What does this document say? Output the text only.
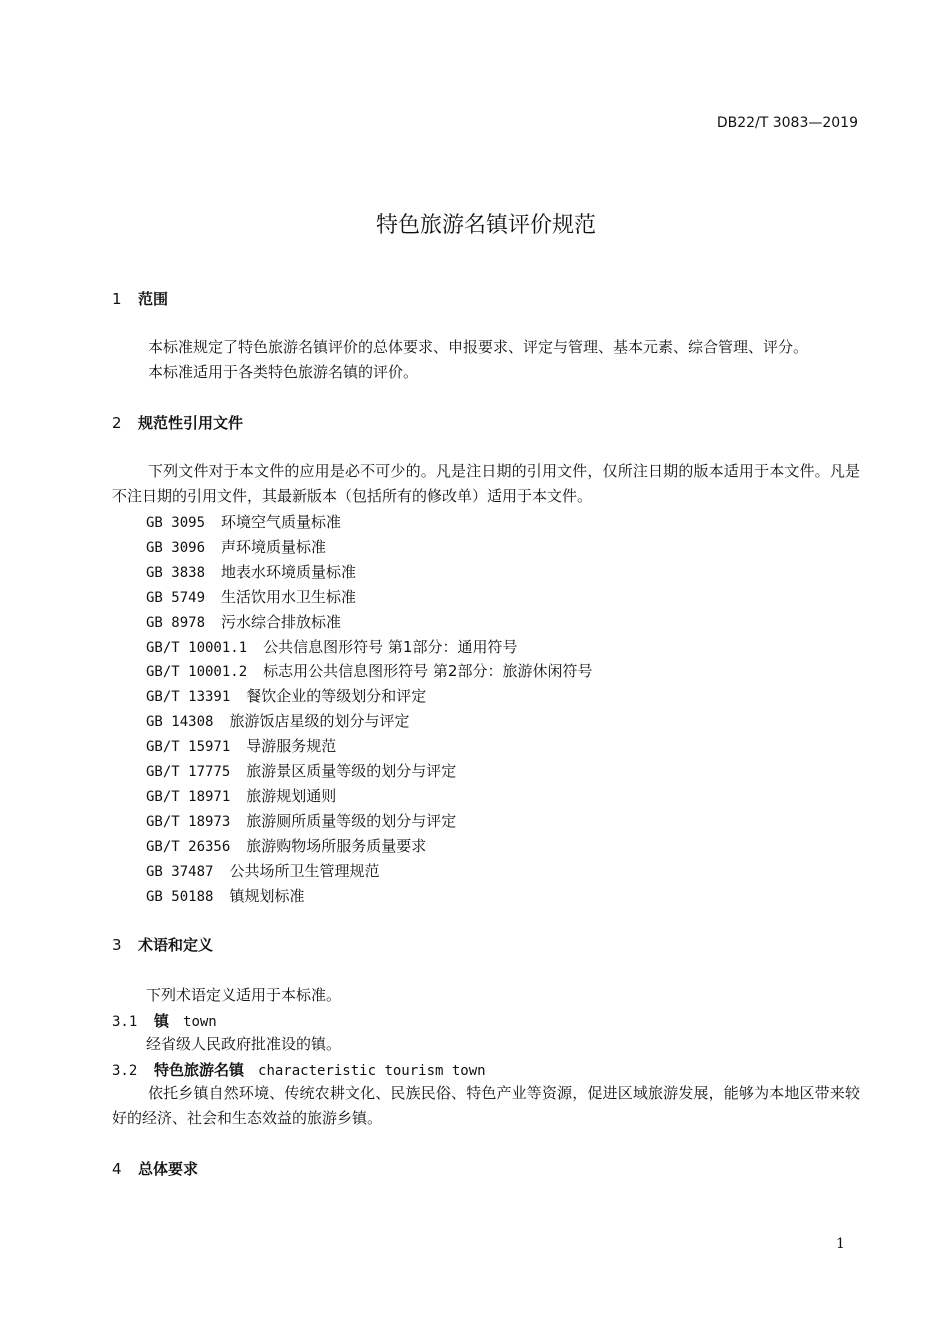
DB22/T 3083—2019
特色旅游名镇评价规范
1 范围
本标准规定了特色旅游名镇评价的总体要求、申报要求、评定与管理、基本元素、综合管理、评分。
本标准适用于各类特色旅游名镇的评价。
2 规范性引用文件
下列文件对于本文件的应用是必不可少的。凡是注日期的引用文件，仅所注日期的版本适用于本文件。凡是不注日期的引用文件，其最新版本（包括所有的修改单）适用于本文件。
GB 3095 环境空气质量标准
GB 3096 声环境质量标准
GB 3838 地表水环境质量标准
GB 5749 生活饮用水卫生标准
GB 8978 污水综合排放标准
GB/T 10001.1 公共信息图形符号 第1部分：通用符号
GB/T 10001.2 标志用公共信息图形符号 第2部分：旅游休闲符号
GB/T 13391 餐饮企业的等级划分和评定
GB 14308 旅游饭店星级的划分与评定
GB/T 15971 导游服务规范
GB/T 17775 旅游景区质量等级的划分与评定
GB/T 18971 旅游规划通则
GB/T 18973 旅游厕所质量等级的划分与评定
GB/T 26356 旅游购物场所服务质量要求
GB 37487 公共场所卫生管理规范
GB 50188 镇规划标准
3 术语和定义
下列术语定义适用于本标准。
3.1 镇 town
经省级人民政府批准设的镇。
3.2 特色旅游名镇 characteristic tourism town
依托乡镇自然环境、传统农耕文化、民族民俗、特色产业等资源，促进区域旅游发展，能够为本地区带来较好的经济、社会和生态效益的旅游乡镇。
4 总体要求
1
